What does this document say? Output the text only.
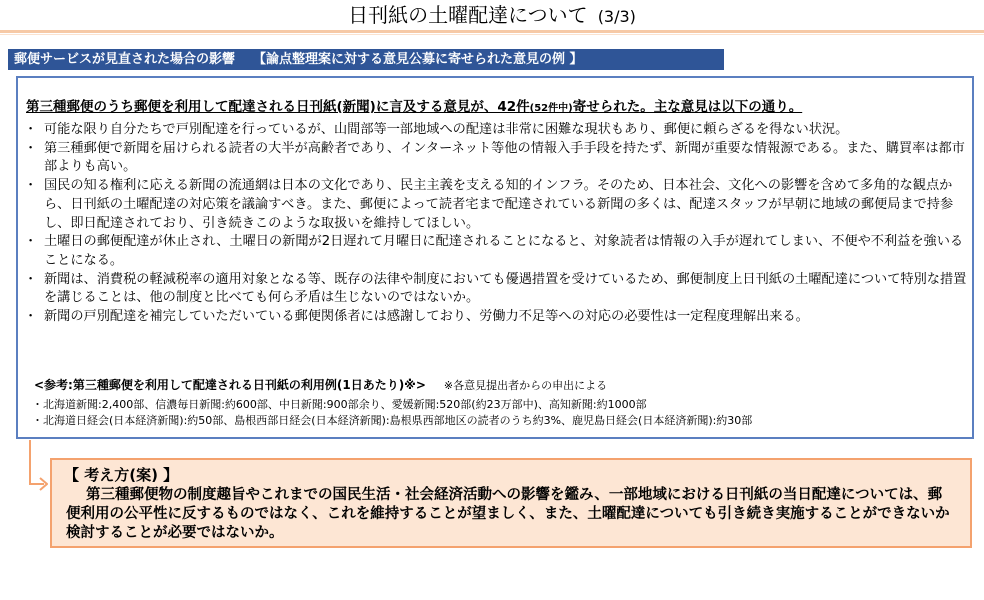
日刊紙の土曜配達について (3/3)
郵便サービスが見直された場合の影響 【論点整理案に対する意見公募に寄せられた意見の例 】
第三種郵便のうち郵便を利用して配達される日刊紙(新聞)に言及する意見が、42件(52件中)寄せられた。主な意見は以下の通り。
・ 可能な限り自分たちで戸別配達を行っているが、山間部等一部地域への配達は非常に困難な現状もあり、郵便に頼らざるを得ない状況。
・ 第三種郵便で新聞を届けられる読者の大半が高齢者であり、インターネット等他の情報入手手段を持たず、新聞が重要な情報源である。また、購買率は都市部よりも高い。
・ 国民の知る権利に応える新聞の流通網は日本の文化であり、民主主義を支える知的インフラ。そのため、日本社会、文化への影響を含めて多角的な観点から、日刊紙の土曜配達の対応策を議論すべき。また、郵便によって読者宅まで配達されている新聞の多くは、配達スタッフが早朝に地域の郵便局まで持参し、即日配達されており、引き続きこのような取扱いを維持してほしい。
・ 土曜日の郵便配達が休止され、土曜日の新聞が2日遅れて月曜日に配達されることになると、対象読者は情報の入手が遅れてしまい、不便や不利益を強いることになる。
・ 新聞は、消費税の軽減税率の適用対象となる等、既存の法律や制度においても優遇措置を受けているため、郵便制度上日刊紙の土曜配達について特別な措置を講じることは、他の制度と比べても何ら矛盾は生じないのではないか。
・ 新聞の戸別配達を補完していただいている郵便関係者には感謝しており、労働力不足等への対応の必要性は一定程度理解出来る。
<参考:第三種郵便を利用して配達される日刊紙の利用例(1日あたり)※> ※各意見提出者からの申出による
・北海道新聞:2,400部、信濃毎日新聞:約600部、中日新聞:900部余り、愛媛新聞:520部(約23万部中)、高知新聞:約1000部
・北海道日経会(日本経済新聞):約50部、島根西部日経会(日本経済新聞):島根県西部地区の読者のうち約3%、鹿児島日経会(日本経済新聞):約30部
【 考え方(案) 】
第三種郵便物の制度趣旨やこれまでの国民生活・社会経済活動への影響を鑑み、一部地域における日刊紙の当日配達については、郵便利用の公平性に反するものではなく、これを維持することが望ましく、また、土曜配達についても引き続き実施することができないか検討することが必要ではないか。
